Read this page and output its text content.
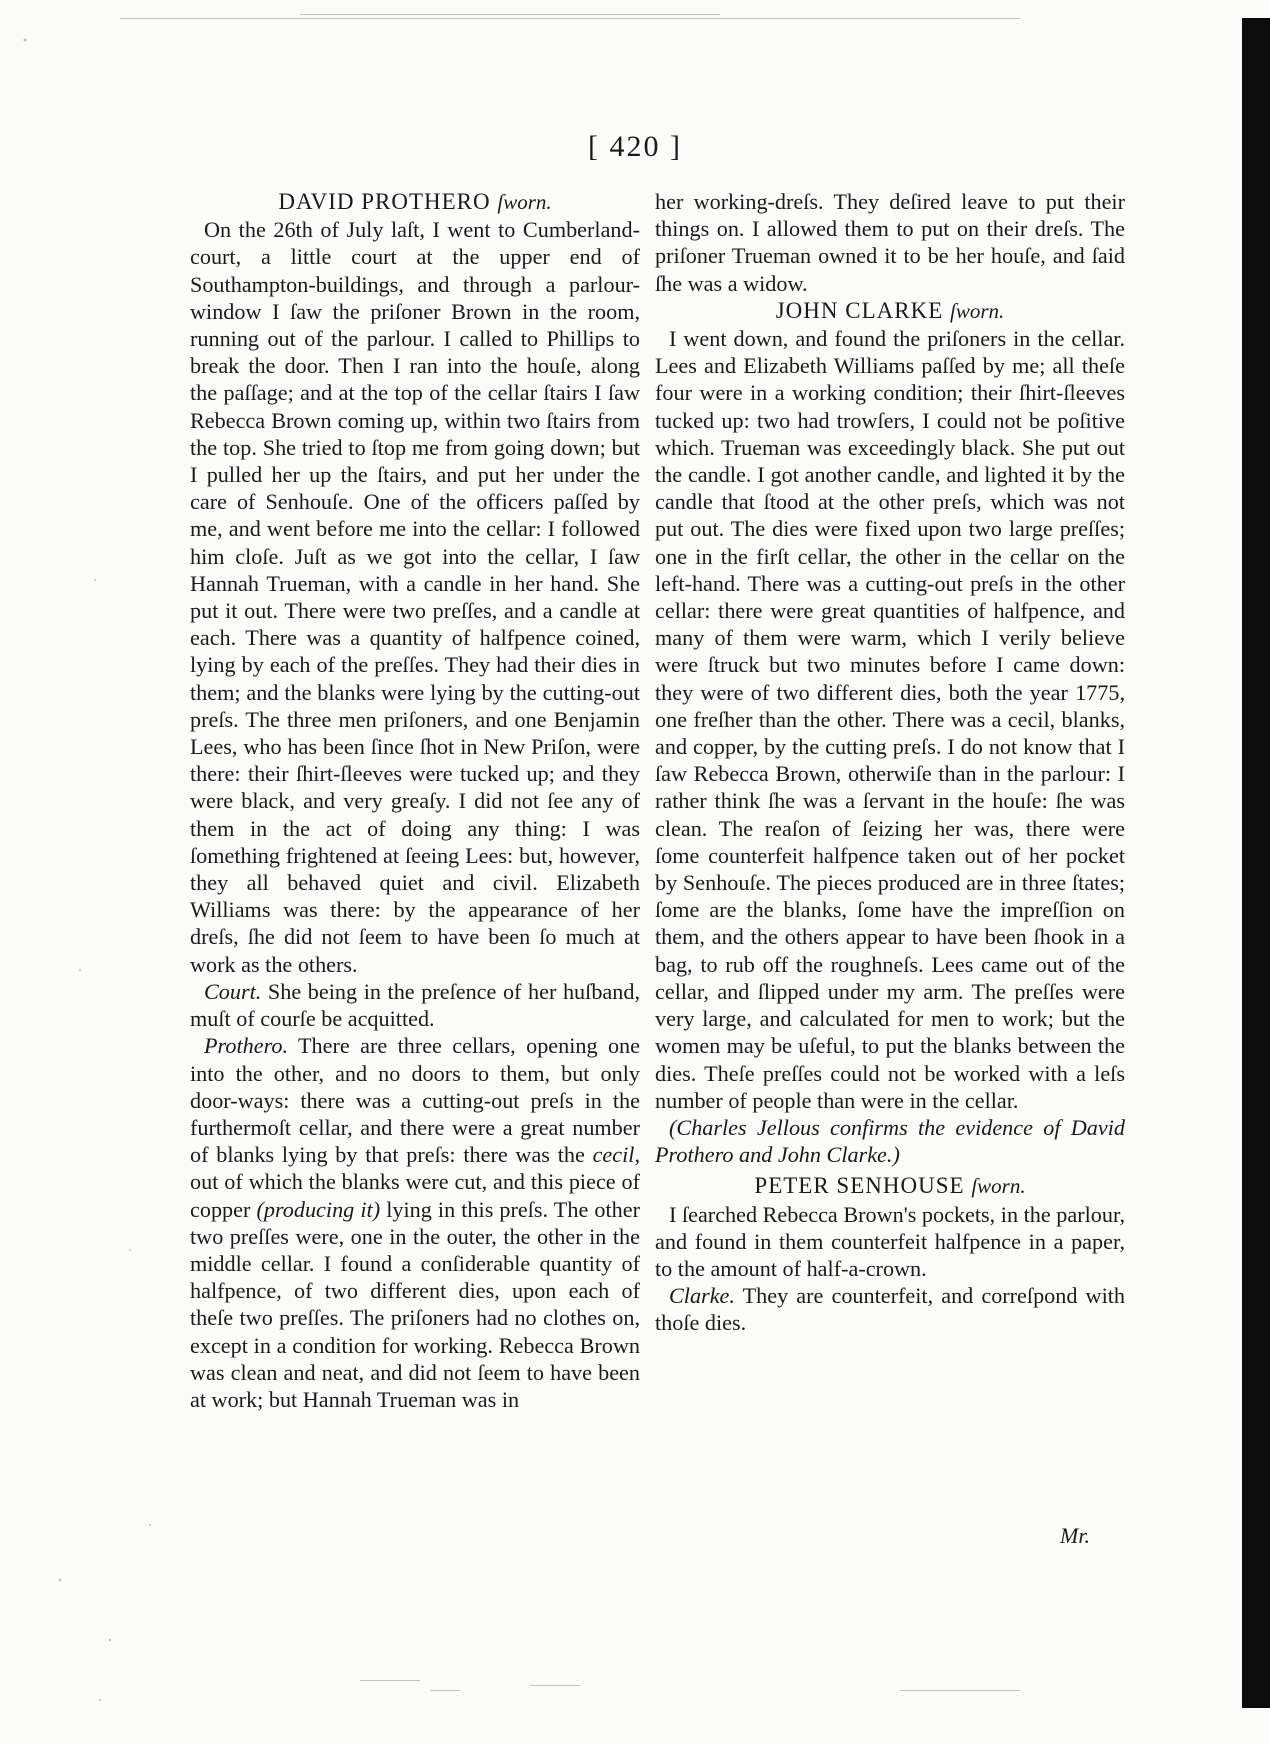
[ 420 ]

DAVID PROTHERO ſworn.

On the 26th of July laſt, I went to Cumberland-court, a little court at the upper end of Southampton-buildings, and through a parlour-window I ſaw the priſoner Brown in the room, running out of the parlour. I called to Phillips to break the door. Then I ran into the houſe, along the paſſage; and at the top of the cellar ſtairs I ſaw Rebecca Brown coming up, within two ſtairs from the top. She tried to ſtop me from going down; but I pulled her up the ſtairs, and put her under the care of Senhouſe. One of the officers paſſed by me, and went before me into the cellar: I followed him cloſe. Juſt as we got into the cellar, I ſaw Hannah Trueman, with a candle in her hand. She put it out. There were two preſſes, and a candle at each. There was a quantity of halfpence coined, lying by each of the preſſes. They had their dies in them; and the blanks were lying by the cutting-out preſs. The three men priſoners, and one Benjamin Lees, who has been ſince ſhot in New Priſon, were there: their ſhirt-ſleeves were tucked up; and they were black, and very greaſy. I did not ſee any of them in the act of doing any thing: I was ſomething frightened at ſeeing Lees: but, however, they all behaved quiet and civil. Elizabeth Williams was there: by the appearance of her dreſs, ſhe did not ſeem to have been ſo much at work as the others.

Court. She being in the preſence of her huſband, muſt of courſe be acquitted.

Prothero. There are three cellars, opening one into the other, and no doors to them, but only door-ways: there was a cutting-out preſs in the furthermoſt cellar, and there were a great number of blanks lying by that preſs: there was the cecil, out of which the blanks were cut, and this piece of copper (producing it) lying in this preſs. The other two preſſes were, one in the outer, the other in the middle cellar. I found a conſiderable quantity of halfpence, of two different dies, upon each of theſe two preſſes. The priſoners had no clothes on, except in a condition for working. Rebecca Brown was clean and neat, and did not ſeem to have been at work; but Hannah Trueman was in

her working-dreſs. They deſired leave to put their things on. I allowed them to put on their dreſs. The priſoner Trueman owned it to be her houſe, and ſaid ſhe was a widow.

JOHN CLARKE ſworn.

I went down, and found the priſoners in the cellar. Lees and Elizabeth Williams paſſed by me; all theſe four were in a working condition; their ſhirt-ſleeves tucked up: two had trowſers, I could not be poſitive which. Trueman was exceedingly black. She put out the candle. I got another candle, and lighted it by the candle that ſtood at the other preſs, which was not put out. The dies were fixed upon two large preſſes; one in the firſt cellar, the other in the cellar on the left-hand. There was a cutting-out preſs in the other cellar: there were great quantities of halfpence, and many of them were warm, which I verily believe were ſtruck but two minutes before I came down: they were of two different dies, both the year 1775, one freſher than the other. There was a cecil, blanks, and copper, by the cutting preſs. I do not know that I ſaw Rebecca Brown, otherwiſe than in the parlour: I rather think ſhe was a ſervant in the houſe: ſhe was clean. The reaſon of ſeizing her was, there were ſome counterfeit halfpence taken out of her pocket by Senhouſe. The pieces produced are in three ſtates; ſome are the blanks, ſome have the impreſſion on them, and the others appear to have been ſhook in a bag, to rub off the roughneſs. Lees came out of the cellar, and ſlipped under my arm. The preſſes were very large, and calculated for men to work; but the women may be uſeful, to put the blanks between the dies. Theſe preſſes could not be worked with a leſs number of people than were in the cellar.

(Charles Jellous confirms the evidence of David Prothero and John Clarke.)

PETER SENHOUSE ſworn.

I ſearched Rebecca Brown's pockets, in the parlour, and found in them counterfeit halfpence in a paper, to the amount of half-a-crown.

Clarke. They are counterfeit, and correſpond with thoſe dies.

Mr.
